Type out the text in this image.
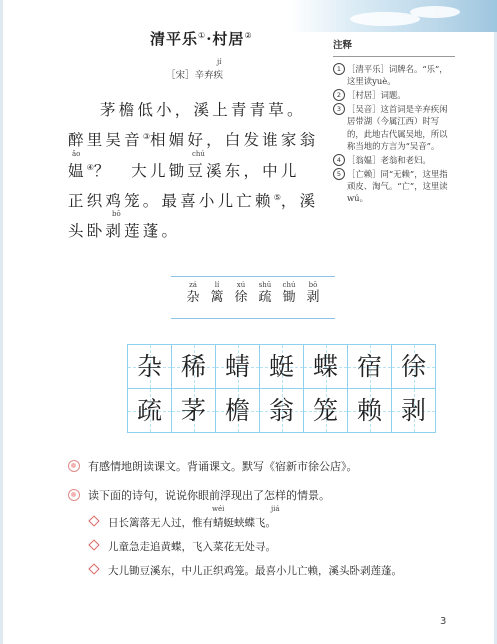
清平乐①·村居②
jí
［宋］辛弃疾
茅檐低小，溪上青青草。
醉里吴音③相媚好，白发谁家翁
ǎo	chú
媪④？　大儿锄豆溪东，中儿
正织鸡笼。最喜小儿亡赖⑤，溪
bō
头卧剥莲蓬。
注释
1 ［清平乐］词牌名。“乐”，这里读yuè。
2 ［村居］词题。
3 ［吴音］这首词是辛弃疾闲居带湖（今属江西）时写的，此地古代属吴地，所以称当地的方言为“吴音”。
4 ［翁媪］老翁和老妇。
5 ［亡赖］同“无赖”，这里指顽皮、淘气。“亡”，这里读wú。
zá
杂
lí
篱
xú
徐
shū
疏
chú
锄
bō
剥
杂 稀 蜻 蜓 蝶 宿 徐
疏 茅 檐 翁 笼 赖 剥
有感情地朗读课文。背诵课文。默写《宿新市徐公店》。
读下面的诗句，说说你眼前浮现出了怎样的情景。
wéi	jiá
日长篱落无人过，惟有蜻蜓蛱蝶飞。
儿童急走追黄蝶，飞入菜花无处寻。
大儿锄豆溪东，中儿正织鸡笼。最喜小儿亡赖，溪头卧剥莲蓬。
3
